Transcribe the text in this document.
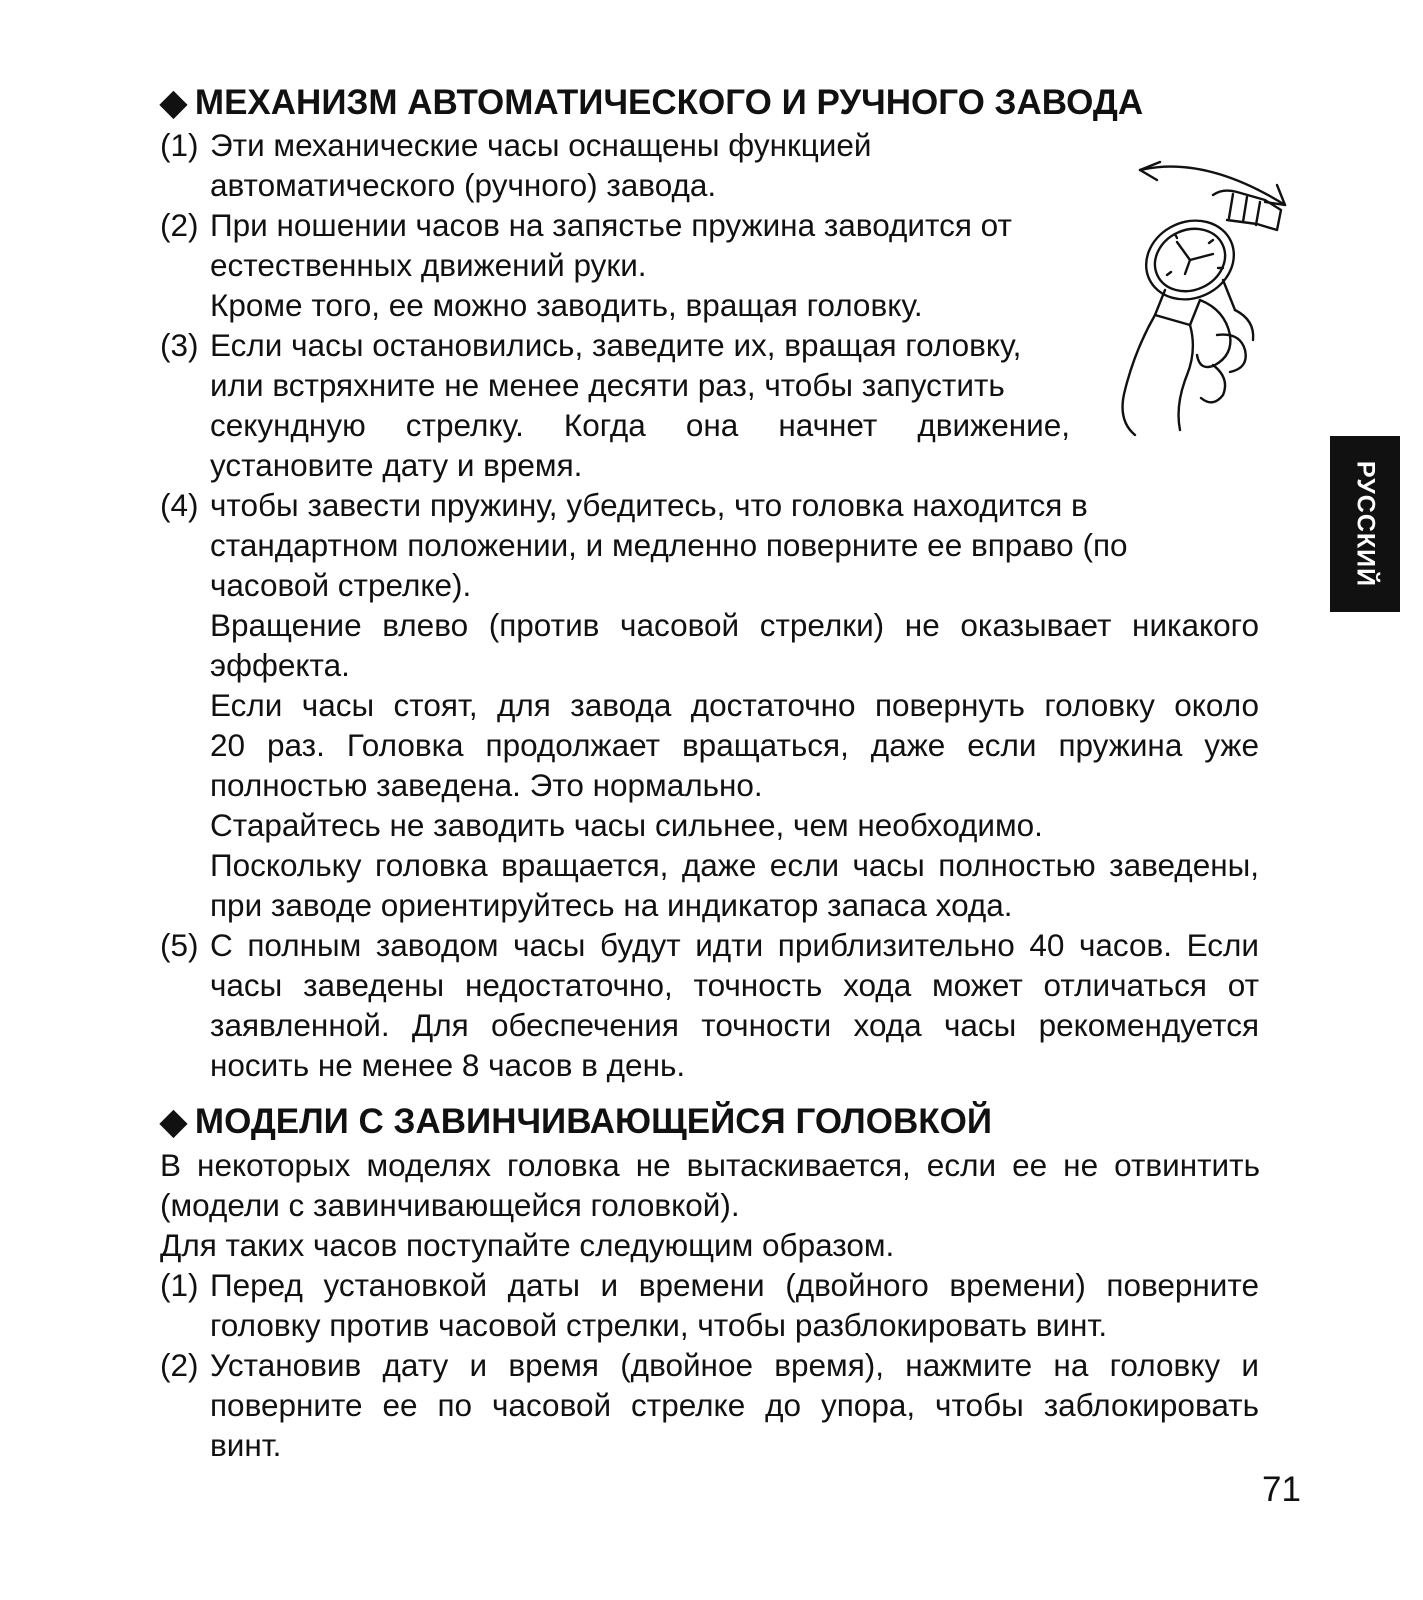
◆ МЕХАНИЗМ АВТОМАТИЧЕСКОГО И РУЧНОГО ЗАВОДА

(1) Эти механические часы оснащены функцией

автоматического (ручного) завода.

(2) При ношении часов на запястье пружина заводится от

естественных движений руки.

Кроме того, ее можно заводить, вращая головку.

(3) Если часы остановились, заведите их, вращая головку,

или встряхните не менее десяти раз, чтобы запустить

секундную стрелку. Когда она начнет движение,

установите дату и время.

(4) чтобы завести пружину, убедитесь, что головка находится в

стандартном положении, и медленно поверните ее вправо (по

часовой стрелке).

Вращение влево (против часовой стрелки) не оказывает никакого

эффекта.

Если часы стоят, для завода достаточно повернуть головку около

20 раз. Головка продолжает вращаться, даже если пружина уже

полностью заведена. Это нормально.

Старайтесь не заводить часы сильнее, чем необходимо.

Поскольку головка вращается, даже если часы полностью заведены,

при заводе ориентируйтесь на индикатор запаса хода.

(5) С полным заводом часы будут идти приблизительно 40 часов. Если

часы заведены недостаточно, точность хода может отличаться от

заявленной. Для обеспечения точности хода часы рекомендуется

носить не менее 8 часов в день.

◆ МОДЕЛИ С ЗАВИНЧИВАЮЩЕЙСЯ ГОЛОВКОЙ

В некоторых моделях головка не вытаскивается, если ее не отвинтить

(модели с завинчивающейся головкой).

Для таких часов поступайте следующим образом.

(1) Перед установкой даты и времени (двойного времени) поверните

головку против часовой стрелки, чтобы разблокировать винт.

(2) Установив дату и время (двойное время), нажмите на головку и

поверните ее по часовой стрелке до упора, чтобы заблокировать

винт.

РУССКИЙ

71
